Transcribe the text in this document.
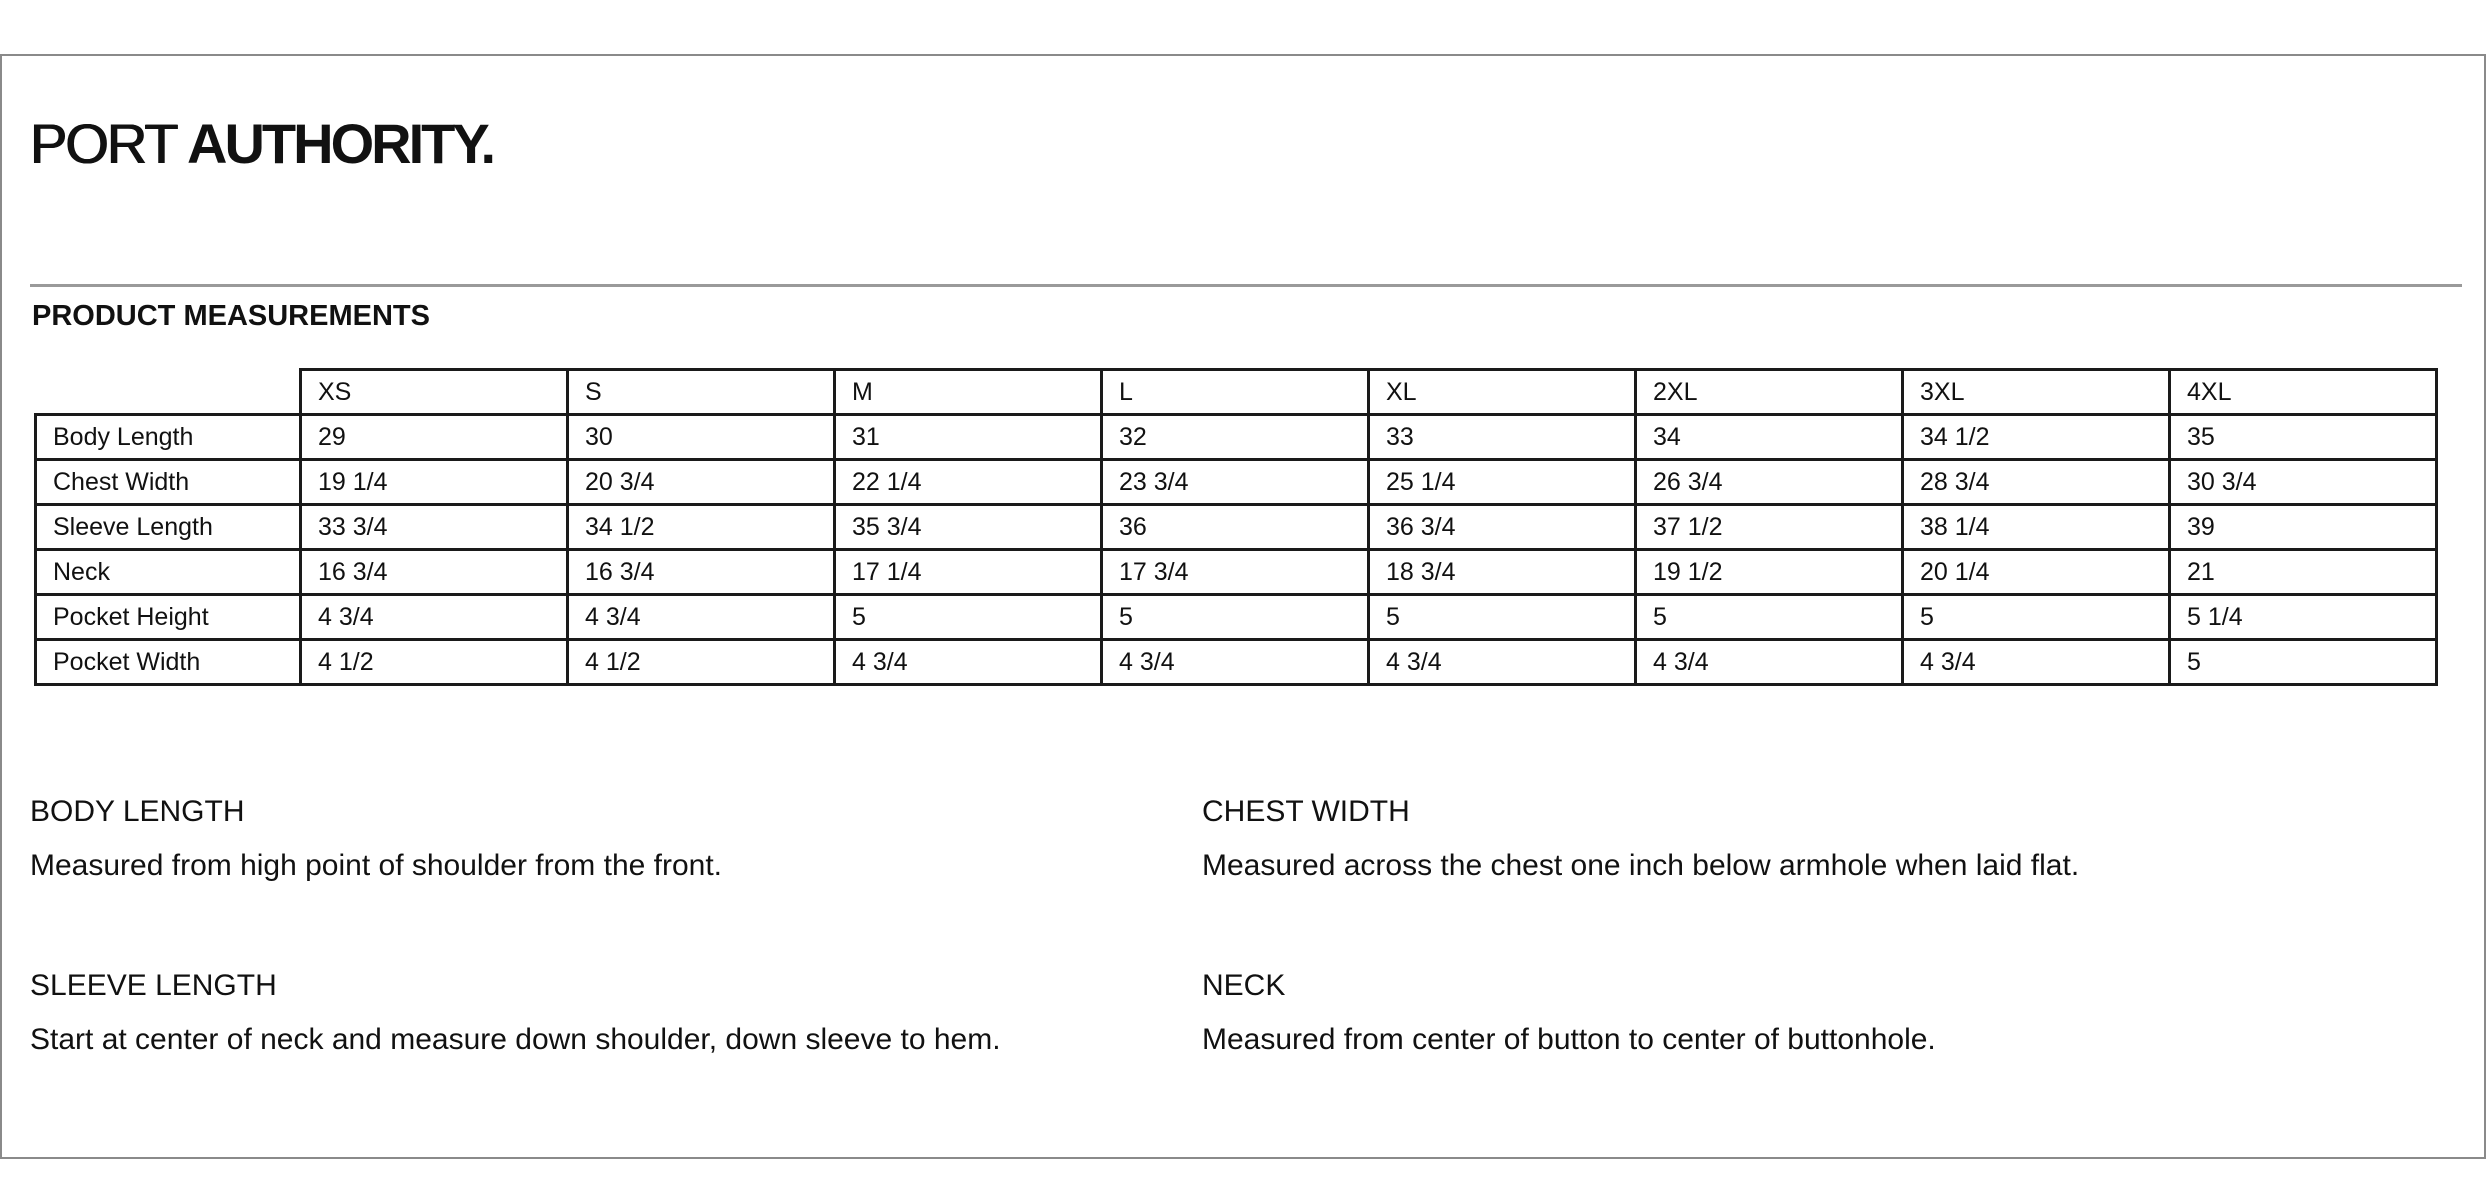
PORT AUTHORITY.
PRODUCT MEASUREMENTS
	XS	S	M	L	XL	2XL	3XL	4XL
Body Length	29	30	31	32	33	34	34 1/2	35
Chest Width	19 1/4	20 3/4	22 1/4	23 3/4	25 1/4	26 3/4	28 3/4	30 3/4
Sleeve Length	33 3/4	34 1/2	35 3/4	36	36 3/4	37 1/2	38 1/4	39
Neck	16 3/4	16 3/4	17 1/4	17 3/4	18 3/4	19 1/2	20 1/4	21
Pocket Height	4 3/4	4 3/4	5	5	5	5	5	5 1/4
Pocket Width	4 1/2	4 1/2	4 3/4	4 3/4	4 3/4	4 3/4	4 3/4	5
BODY LENGTH
Measured from high point of shoulder from the front.
CHEST WIDTH
Measured across the chest one inch below armhole when laid flat.
SLEEVE LENGTH
Start at center of neck and measure down shoulder, down sleeve to hem.
NECK
Measured from center of button to center of buttonhole.
